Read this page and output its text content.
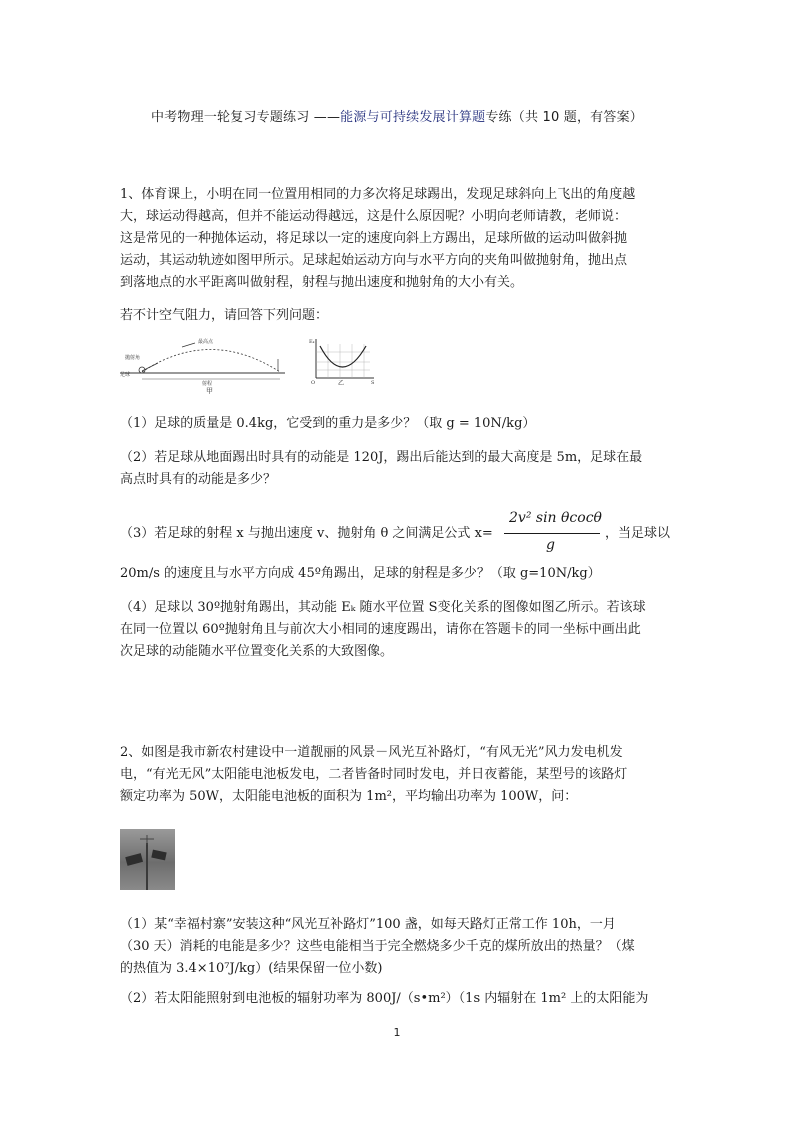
中考物理一轮复习专题练习 ——能源与可持续发展计算题专练（共 10 题，有答案）

1、体育课上，小明在同一位置用相同的力多次将足球踢出，发现足球斜向上飞出的角度越
大，球运动得越高，但并不能运动得越远，这是什么原因呢？小明向老师请教，老师说：
这是常见的一种抛体运动，将足球以一定的速度向斜上方踢出，足球所做的运动叫做斜抛
运动，其运动轨迹如图甲所示。足球起始运动方向与水平方向的夹角叫做抛射角，抛出点
到落地点的水平距离叫做射程，射程与抛出速度和抛射角的大小有关。

若不计空气阻力，请回答下列问题：

抛射角
射程
最高点
足球
甲
Eₖ
O	S
乙

（1）足球的质量是 0.4kg，它受到的重力是多少？（取 g = 10N/kg）

（2）若足球从地面踢出时具有的动能是 120J，踢出后能达到的最大高度是 5m，足球在最
高点时具有的动能是多少？

（3）若足球的射程 x 与抛出速度 v、抛射角 θ 之间满足公式 x=

2v² sin θcocθ
g

，当足球以

20m/s 的速度且与水平方向成 45º角踢出，足球的射程是多少？（取 g=10N/kg）

（4）足球以 30º抛射角踢出，其动能 Eₖ 随水平位置 S变化关系的图像如图乙所示。若该球
在同一位置以 60º抛射角且与前次大小相同的速度踢出，请你在答题卡的同一坐标中画出此
次足球的动能随水平位置变化关系的大致图像。

2、如图是我市新农村建设中一道靓丽的风景－风光互补路灯，“有风无光”风力发电机发
电，“有光无风”太阳能电池板发电，二者皆备时同时发电，并日夜蓄能，某型号的该路灯
额定功率为 50W，太阳能电池板的面积为 1m²，平均输出功率为 100W，问：

（1）某“幸福村寨”安装这种“风光互补路灯”100 盏，如每天路灯正常工作 10h，一月
（30 天）消耗的电能是多少？这些电能相当于完全燃烧多少千克的煤所放出的热量？（煤
的热值为 3.4×10⁷J/kg）(结果保留一位小数)

（2）若太阳能照射到电池板的辐射功率为 800J/（s•m²）（1s 内辐射在 1m² 上的太阳能为

1
